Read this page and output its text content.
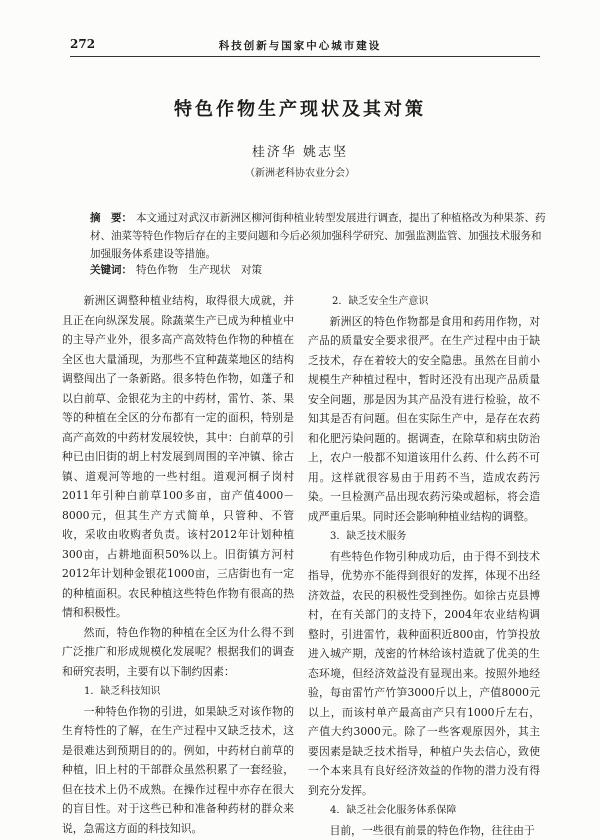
272	科技创新与国家中心城市建设
特色作物生产现状及其对策
桂济华 姚志坚
（新洲老科协农业分会）
摘　要： 本文通过对武汉市新洲区柳河街种植业转型发展进行调查，提出了种植格改为种果茶、药材、油菜等特色作物后存在的主要问题和今后必须加强科学研究、加强监测监管、加强技术服务和加强服务体系建设等措施。
关键词： 特色作物　生产现状　对策

新洲区调整种植业结构，取得很大成就，并且正在向纵深发展。除蔬菜生产已成为种植业中的主导产业外，很多高产高效特色作物的种植在全区也大量涌现，为那些不宜种蔬菜地区的结构调整闯出了一条新路。很多特色作物，如蓬子和以白前草、金银花为主的中药材，雷竹、茶、果等的种植在全区的分布都有一定的面积，特别是高产高效的中药材发展较快，其中：白前草的引种已由旧街的胡上村发展到周围的辛冲镇、徐古镇、道观河等地的一些村组。道观河桐子岗村2011年引种白前草100多亩，亩产值4000－8000元，但其生产方式简单，只管种、不管收，采收由收购者负责。该村2012年计划种植300亩，占耕地面积50%以上。旧街镇方河村2012年计划种金银花1000亩，三店街也有一定的种植面积。农民种植这些特色作物有很高的热情和积极性。

然而，特色作物的种植在全区为什么得不到广泛推广和形成规模化发展呢？根据我们的调查和研究表明，主要有以下制约因素：

1．缺乏科技知识

一种特色作物的引进，如果缺乏对该作物的生育特性的了解，在生产过程中又缺乏技术，这是很难达到预期目的的。例如，中药材白前草的种植，旧上村的干部群众虽然积累了一套经验，但在技术上仍不成熟。在操作过程中亦存在很大的盲目性。对于这些已种和准备种药材的群众来说，急需这方面的科技知识。

2．缺乏安全生产意识

新洲区的特色作物都是食用和药用作物，对产品的质量安全要求很严。在生产过程中由于缺乏技术，存在着较大的安全隐患。虽然在目前小规模生产种植过程中，暂时还没有出现产品质量安全问题，那是因为其产品没有进行检验，故不知其是否有问题。但在实际生产中，是存在农药和化肥污染问题的。据调查，在除草和病虫防治上，农户一般都不知道该用什么药、什么药不可用。这样就很容易由于用药不当，造成农药污染。一旦检测产品出现农药污染或超标，将会造成严重后果。同时还会影响种植业结构的调整。

3．缺乏技术服务

有些特色作物引种成功后，由于得不到技术指导，优势亦不能得到很好的发挥，体现不出经济效益，农民的积极性受到挫伤。如徐古克县博村，在有关部门的支持下，2004年农业结构调整时，引进雷竹，栽种面积近800亩，竹笋投放进入城产期，茂密的竹林给该村造就了优美的生态环境，但经济效益没有显现出来。按照外地经验，每亩雷竹产竹笋3000斤以上，产值8000元以上，而该村单产最高亩产只有1000斤左右，产值大约3000元。除了一些客观原因外，其主要因素是缺乏技术指导，种植户失去信心，致使一个本来具有良好经济效益的作物的潜力没有得到充分发挥。

4．缺乏社会化服务体系保障

目前，一些很有前景的特色作物，往往由于
